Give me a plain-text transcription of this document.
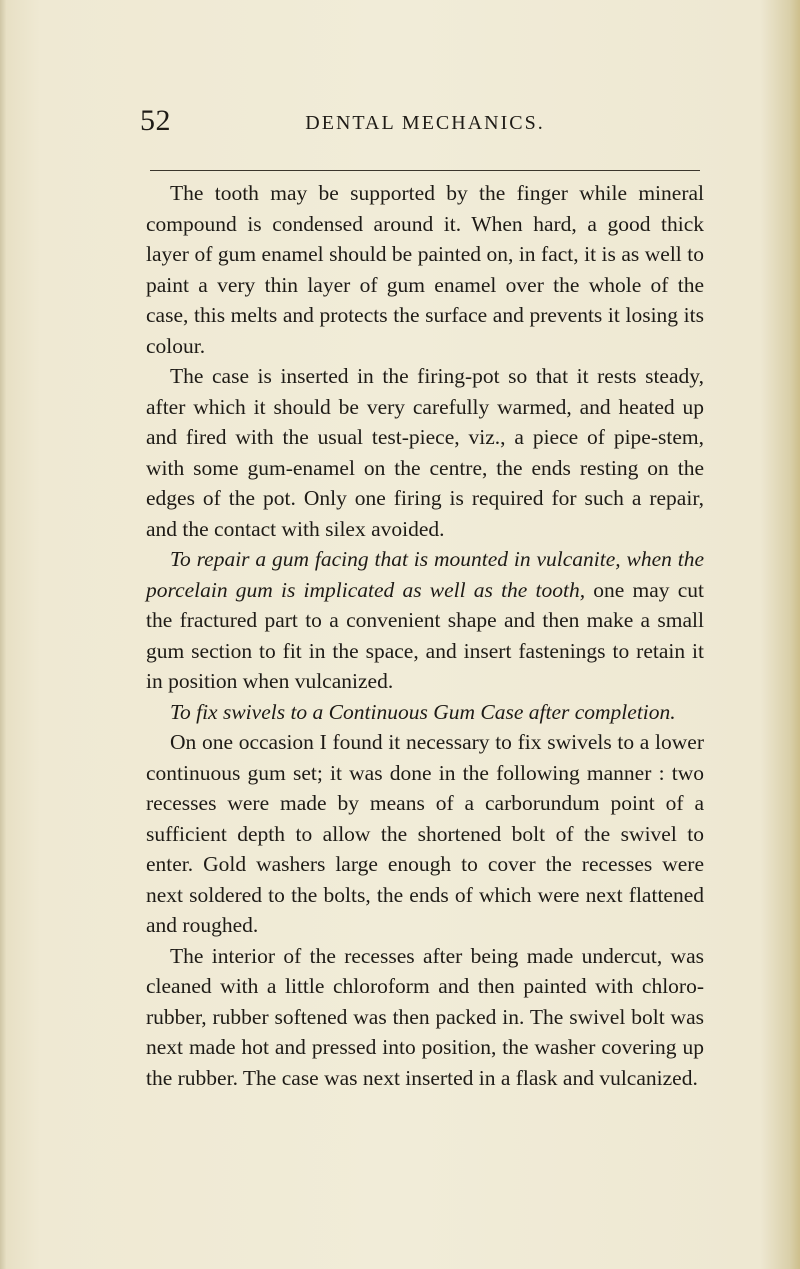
52	DENTAL MECHANICS.

The tooth may be supported by the finger while mineral compound is condensed around it. When hard, a good thick layer of gum enamel should be painted on, in fact, it is as well to paint a very thin layer of gum enamel over the whole of the case, this melts and protects the surface and prevents it losing its colour.

The case is inserted in the firing-pot so that it rests steady, after which it should be very carefully warmed, and heated up and fired with the usual test-piece, viz., a piece of pipe-stem, with some gum-enamel on the centre, the ends resting on the edges of the pot. Only one firing is required for such a repair, and the contact with silex avoided.

To repair a gum facing that is mounted in vulcanite, when the porcelain gum is implicated as well as the tooth, one may cut the fractured part to a convenient shape and then make a small gum section to fit in the space, and insert fastenings to retain it in position when vulcanized.

To fix swivels to a Continuous Gum Case after completion.

On one occasion I found it necessary to fix swivels to a lower continuous gum set; it was done in the following manner : two recesses were made by means of a carborundum point of a sufficient depth to allow the shortened bolt of the swivel to enter. Gold washers large enough to cover the recesses were next soldered to the bolts, the ends of which were next flattened and roughed.

The interior of the recesses after being made undercut, was cleaned with a little chloroform and then painted with chloro-rubber, rubber softened was then packed in. The swivel bolt was next made hot and pressed into position, the washer covering up the rubber. The case was next inserted in a flask and vulcanized.
